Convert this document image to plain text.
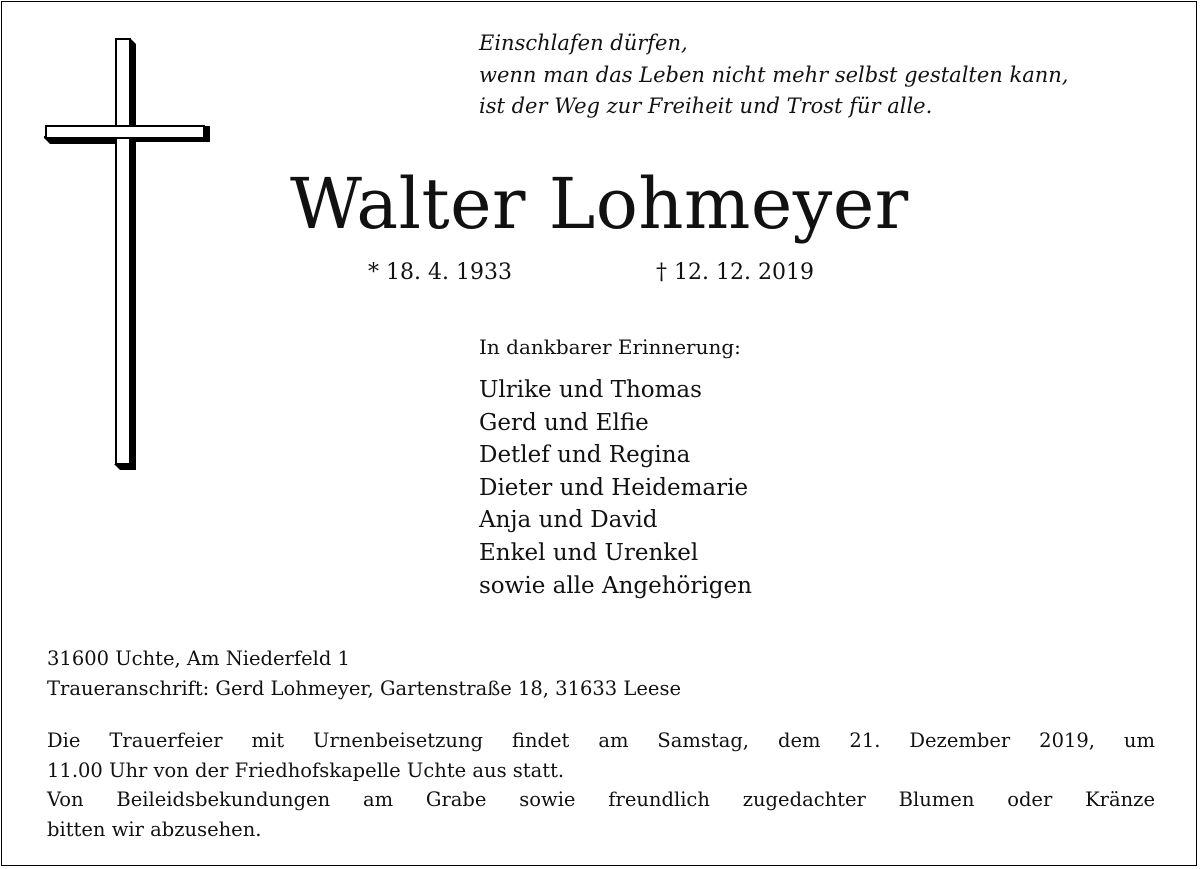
Einschlafen dürfen,
wenn man das Leben nicht mehr selbst gestalten kann,
ist der Weg zur Freiheit und Trost für alle.
Walter Lohmeyer
* 18. 4. 1933	† 12. 12. 2019
In dankbarer Erinnerung:
Ulrike und Thomas
Gerd und Elfie
Detlef und Regina
Dieter und Heidemarie
Anja und David
Enkel und Urenkel
sowie alle Angehörigen
31600 Uchte, Am Niederfeld 1
Traueranschrift: Gerd Lohmeyer, Gartenstraße 18, 31633 Leese
Die Trauerfeier mit Urnenbeisetzung findet am Samstag, dem 21. Dezember 2019, um
11.00 Uhr von der Friedhofskapelle Uchte aus statt.
Von Beileidsbekundungen am Grabe sowie freundlich zugedachter Blumen oder Kränze
bitten wir abzusehen.
